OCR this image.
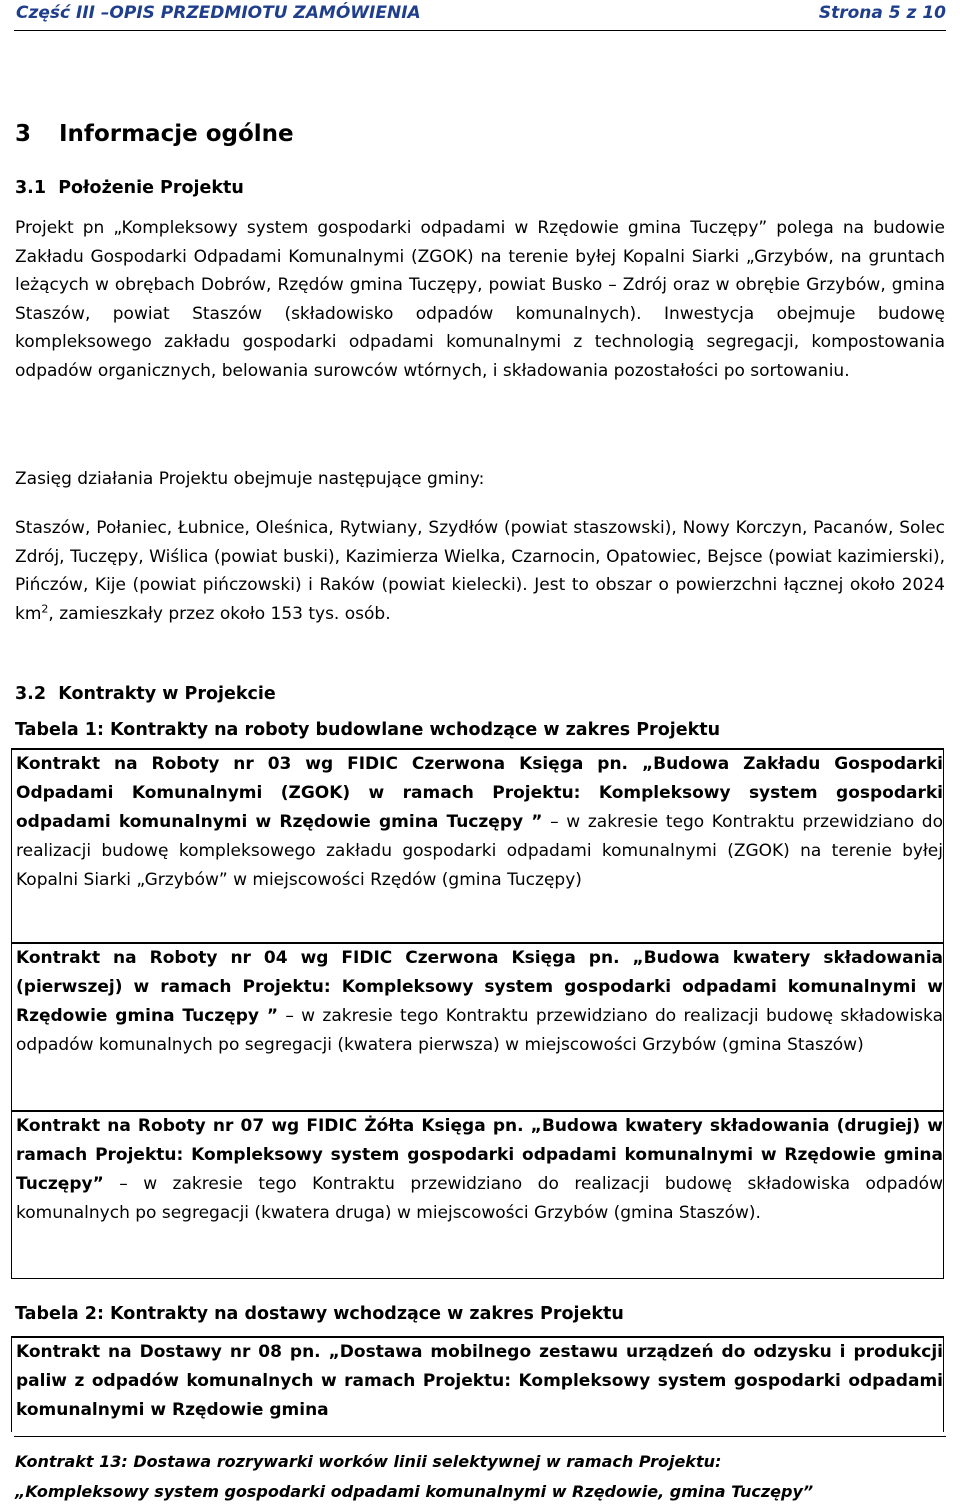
Część III –OPIS PRZEDMIOTU ZAMÓWIENIA	Strona 5 z 10
3 Informacje ogólne
3.1 Położenie Projektu

Projekt pn „Kompleksowy system gospodarki odpadami w Rzędowie gmina Tuczępy” polega na budowie Zakładu Gospodarki Odpadami Komunalnymi (ZGOK) na terenie byłej Kopalni Siarki „Grzybów, na gruntach leżących w obrębach Dobrów, Rzędów gmina Tuczępy, powiat Busko – Zdrój oraz w obrębie Grzybów, gmina Staszów, powiat Staszów (składowisko odpadów komunalnych). Inwestycja obejmuje budowę kompleksowego zakładu gospodarki odpadami komunalnymi z technologią segregacji, kompostowania odpadów organicznych, belowania surowców wtórnych, i składowania pozostałości po sortowaniu.

Zasięg działania Projektu obejmuje następujące gminy:

Staszów, Połaniec, Łubnice, Oleśnica, Rytwiany, Szydłów (powiat staszowski), Nowy Korczyn, Pacanów, Solec Zdrój, Tuczępy, Wiślica (powiat buski), Kazimierza Wielka, Czarnocin, Opatowiec, Bejsce (powiat kazimierski), Pińczów, Kije (powiat pińczowski) i Raków (powiat kielecki). Jest to obszar o powierzchni łącznej około 2024 $km^2$, zamieszkały przez około 153 tys. osób.

3.2 Kontrakty w Projekcie
Tabela 1: Kontrakty na roboty budowlane wchodzące w zakres Projektu

Kontrakt na Roboty nr 03 wg FIDIC Czerwona Księga pn. „Budowa Zakładu Gospodarki Odpadami Komunalnymi (ZGOK) w ramach Projektu: Kompleksowy system gospodarki odpadami komunalnymi w Rzędowie gmina Tuczępy ” – w zakresie tego Kontraktu przewidziano do realizacji budowę kompleksowego zakładu gospodarki odpadami komunalnymi (ZGOK) na terenie byłej Kopalni Siarki „Grzybów” w miejscowości Rzędów (gmina Tuczępy)

Kontrakt na Roboty nr 04 wg FIDIC Czerwona Księga pn. „Budowa kwatery składowania (pierwszej) w ramach Projektu: Kompleksowy system gospodarki odpadami komunalnymi w Rzędowie gmina Tuczępy ” – w zakresie tego Kontraktu przewidziano do realizacji budowę składowiska odpadów komunalnych po segregacji (kwatera pierwsza) w miejscowości Grzybów (gmina Staszów)

Kontrakt na Roboty nr 07 wg FIDIC Żółta Księga pn. „Budowa kwatery składowania (drugiej) w ramach Projektu: Kompleksowy system gospodarki odpadami komunalnymi w Rzędowie gmina Tuczępy” – w zakresie tego Kontraktu przewidziano do realizacji budowę składowiska odpadów komunalnych po segregacji (kwatera druga) w miejscowości Grzybów (gmina Staszów).

Tabela 2: Kontrakty na dostawy wchodzące w zakres Projektu

Kontrakt na Dostawy nr 08 pn. „Dostawa mobilnego zestawu urządzeń do odzysku i produkcji paliw z odpadów komunalnych w ramach Projektu: Kompleksowy system gospodarki odpadami komunalnymi w Rzędowie gmina

Kontrakt 13: Dostawa rozrywarki worków linii selektywnej w ramach Projektu:
„Kompleksowy system gospodarki odpadami komunalnymi w Rzędowie, gmina Tuczępy”
